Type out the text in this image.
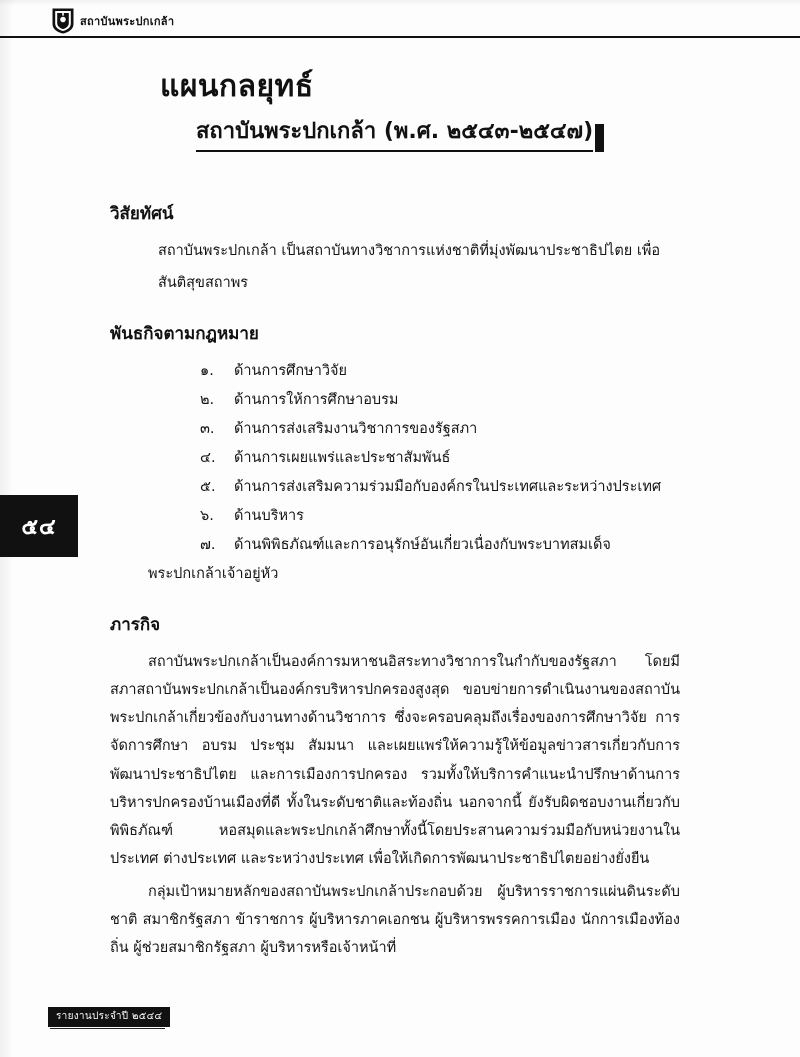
สถาบันพระปกเกล้า
แผนกลยุทธ์
สถาบันพระปกเกล้า (พ.ศ. ๒๕๔๓-๒๕๔๗)
๕๔
วิสัยทัศน์

สถาบันพระปกเกล้า เป็นสถาบันทางวิชาการแห่งชาติที่มุ่งพัฒนาประชาธิปไตย เพื่อ

สันติสุขสถาพร

พันธกิจตามกฎหมาย
๑.	ด้านการศึกษาวิจัย
๒.	ด้านการให้การศึกษาอบรม
๓.	ด้านการส่งเสริมงานวิชาการของรัฐสภา
๔.	ด้านการเผยแพร่และประชาสัมพันธ์
๕.	ด้านการส่งเสริมความร่วมมือกับองค์กรในประเทศและระหว่างประเทศ
๖.	ด้านบริหาร
๗.	ด้านพิพิธภัณฑ์และการอนุรักษ์อันเกี่ยวเนื่องกับพระบาทสมเด็จ
พระปกเกล้าเจ้าอยู่หัว
ภารกิจ

สถาบันพระปกเกล้าเป็นองค์การมหาชนอิสระทางวิชาการในกำกับของรัฐสภา โดยมีสภาสถาบันพระปกเกล้าเป็นองค์กรบริหารปกครองสูงสุด ขอบข่ายการดำเนินงานของสถาบันพระปกเกล้าเกี่ยวข้องกับงานทางด้านวิชาการ ซึ่งจะครอบคลุมถึงเรื่องของการศึกษาวิจัย การจัดการศึกษา อบรม ประชุม สัมมนา และเผยแพร่ให้ความรู้ให้ข้อมูลข่าวสารเกี่ยวกับการพัฒนาประชาธิปไตย และการเมืองการปกครอง รวมทั้งให้บริการคำแนะนำปรึกษาด้านการบริหารปกครองบ้านเมืองที่ดี ทั้งในระดับชาติและท้องถิ่น นอกจากนี้ ยังรับผิดชอบงานเกี่ยวกับพิพิธภัณฑ์ หอสมุดและพระปกเกล้าศึกษาทั้งนี้โดยประสานความร่วมมือกับหน่วยงานในประเทศ ต่างประเทศ และระหว่างประเทศ เพื่อให้เกิดการพัฒนาประชาธิปไตยอย่างยั่งยืน

กลุ่มเป้าหมายหลักของสถาบันพระปกเกล้าประกอบด้วย ผู้บริหารราชการแผ่นดินระดับชาติ สมาชิกรัฐสภา ข้าราชการ ผู้บริหารภาคเอกชน ผู้บริหารพรรคการเมือง นักการเมืองท้องถิ่น ผู้ช่วยสมาชิกรัฐสภา ผู้บริหารหรือเจ้าหน้าที่

รายงานประจำปี ๒๕๔๔
